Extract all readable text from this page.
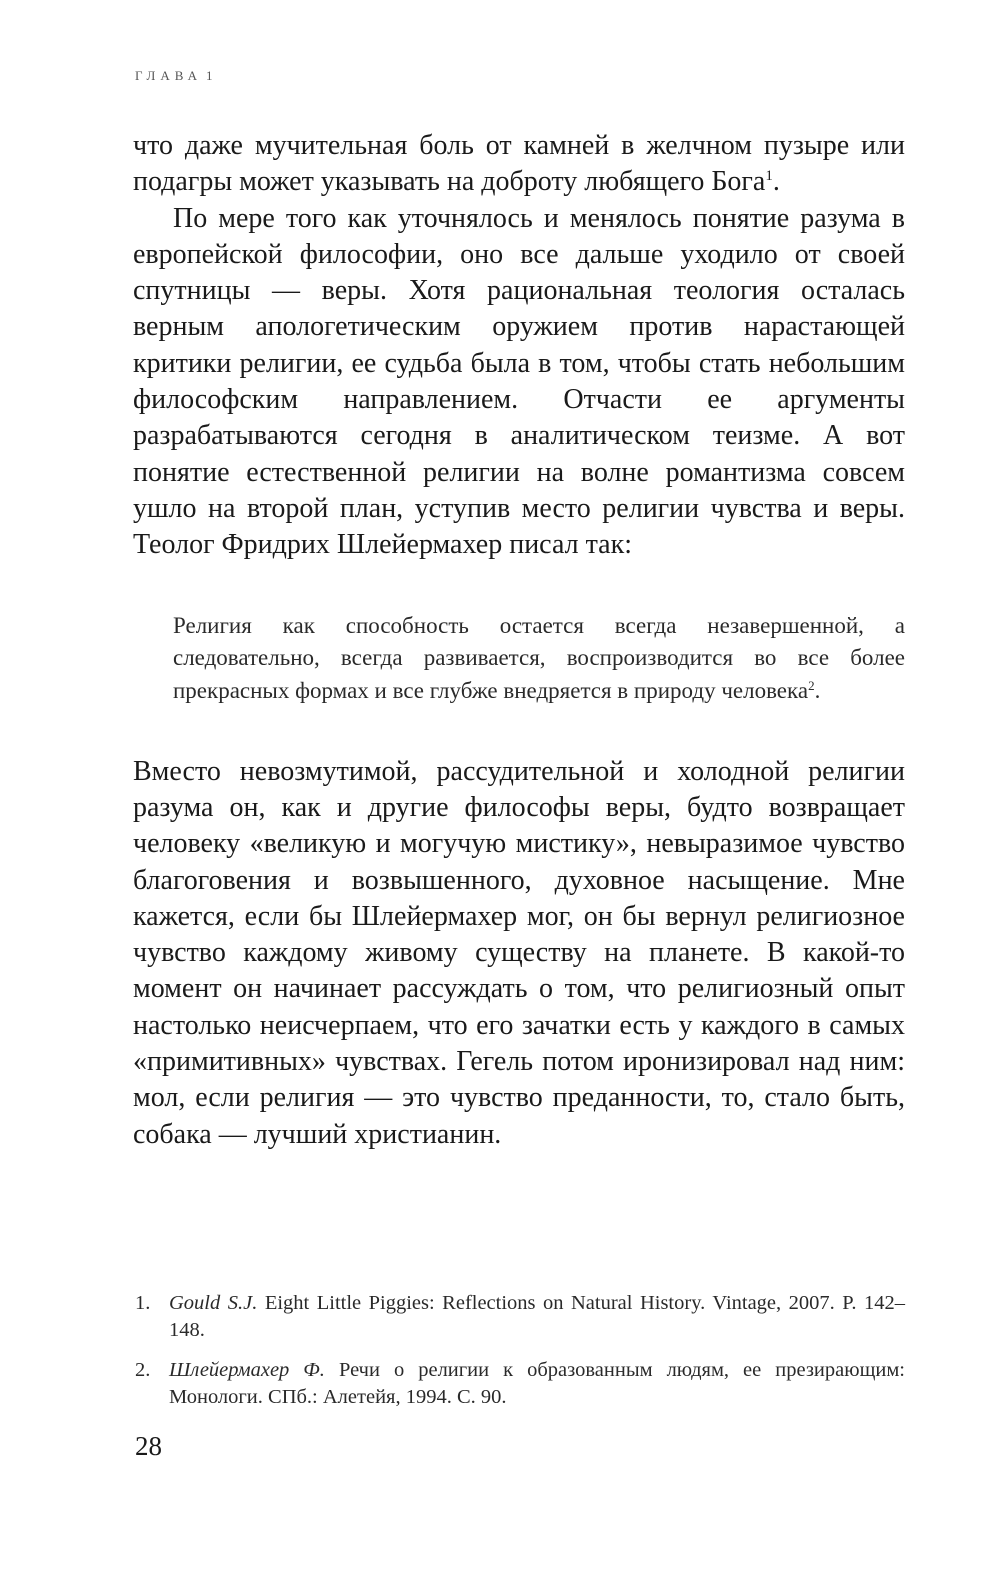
ГЛАВА 1

что даже мучительная боль от камней в желчном пузыре или подагры может указывать на доброту любящего Бога$^1$.

По мере того как уточнялось и менялось понятие разума в европейской философии, оно все дальше уходило от своей спутницы — веры. Хотя рациональная теология осталась верным апологетическим оружием против нарастающей критики религии, ее судьба была в том, чтобы стать небольшим философским направлением. Отчасти ее аргументы разрабатываются сегодня в аналитическом теизме. А вот понятие естественной религии на волне романтизма совсем ушло на второй план, уступив место религии чувства и веры. Теолог Фридрих Шлейермахер писал так:

Религия как способность остается всегда незавершенной, а следовательно, всегда развивается, воспроизводится во все более прекрасных формах и все глубже внедряется в природу человека$^2$.

Вместо невозмутимой, рассудительной и холодной религии разума он, как и другие философы веры, будто возвращает человеку «великую и могучую мистику», невыразимое чувство благоговения и возвышенного, духовное насыщение. Мне кажется, если бы Шлейермахер мог, он бы вернул религиозное чувство каждому живому существу на планете. В какой-то момент он начинает рассуждать о том, что религиозный опыт настолько неисчерпаем, что его зачатки есть у каждого в самых «примитивных» чувствах. Гегель потом иронизировал над ним: мол, если религия — это чувство преданности, то, стало быть, собака — лучший христианин.

1. Gould S.J. Eight Little Piggies: Reflections on Natural History. Vintage, 2007. P. 142–148.
2. Шлейермахер Ф. Речи о религии к образованным людям, ее презирающим: Монологи. СПб.: Алетейя, 1994. С. 90.
28
